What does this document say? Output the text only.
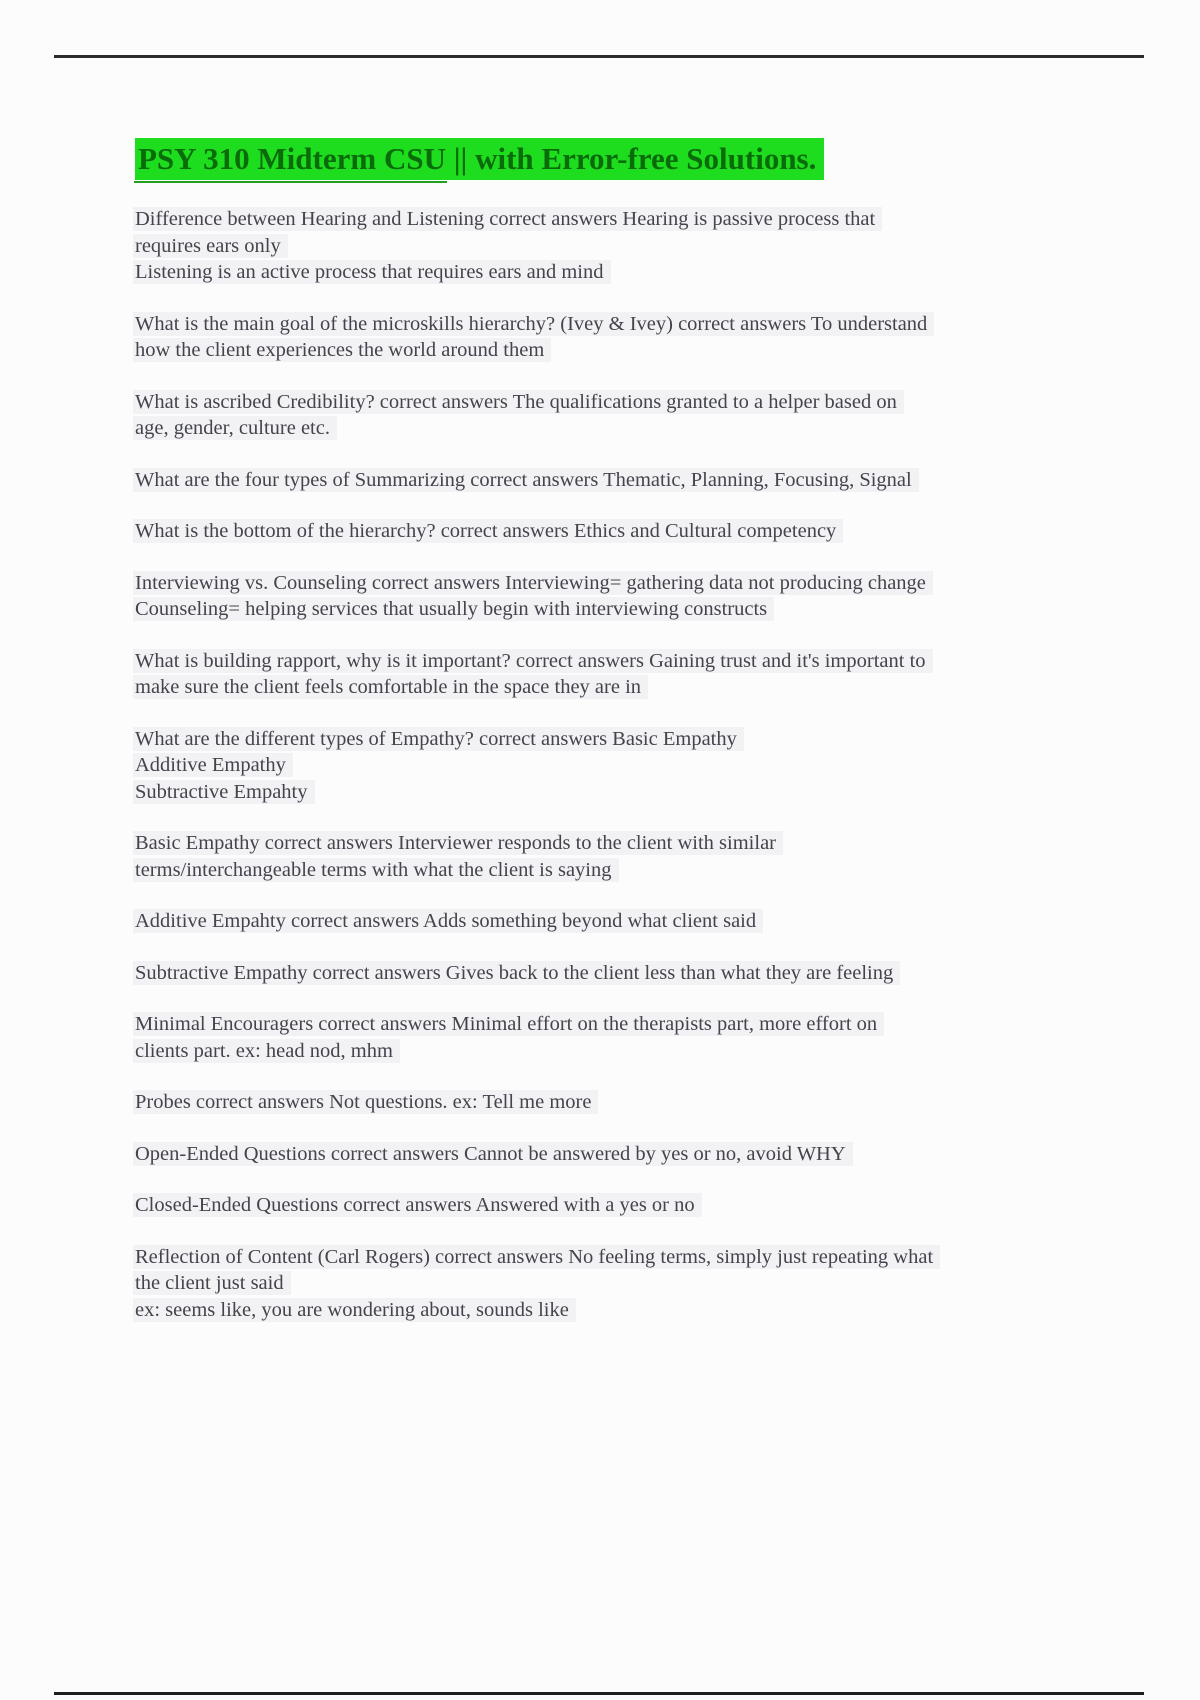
PSY 310 Midterm CSU || with Error-free Solutions.
Difference between Hearing and Listening correct answers Hearing is passive process that
requires ears only
Listening is an active process that requires ears and mind
What is the main goal of the microskills hierarchy? (Ivey & Ivey) correct answers To understand
how the client experiences the world around them
What is ascribed Credibility? correct answers The qualifications granted to a helper based on
age, gender, culture etc.
What are the four types of Summarizing correct answers Thematic, Planning, Focusing, Signal
What is the bottom of the hierarchy? correct answers Ethics and Cultural competency
Interviewing vs. Counseling correct answers Interviewing= gathering data not producing change
Counseling= helping services that usually begin with interviewing constructs
What is building rapport, why is it important? correct answers Gaining trust and it's important to
make sure the client feels comfortable in the space they are in
What are the different types of Empathy? correct answers Basic Empathy
Additive Empathy
Subtractive Empahty
Basic Empathy correct answers Interviewer responds to the client with similar
terms/interchangeable terms with what the client is saying
Additive Empahty correct answers Adds something beyond what client said
Subtractive Empathy correct answers Gives back to the client less than what they are feeling
Minimal Encouragers correct answers Minimal effort on the therapists part, more effort on
clients part. ex: head nod, mhm
Probes correct answers Not questions. ex: Tell me more
Open-Ended Questions correct answers Cannot be answered by yes or no, avoid WHY
Closed-Ended Questions correct answers Answered with a yes or no
Reflection of Content (Carl Rogers) correct answers No feeling terms, simply just repeating what
the client just said
ex: seems like, you are wondering about, sounds like
